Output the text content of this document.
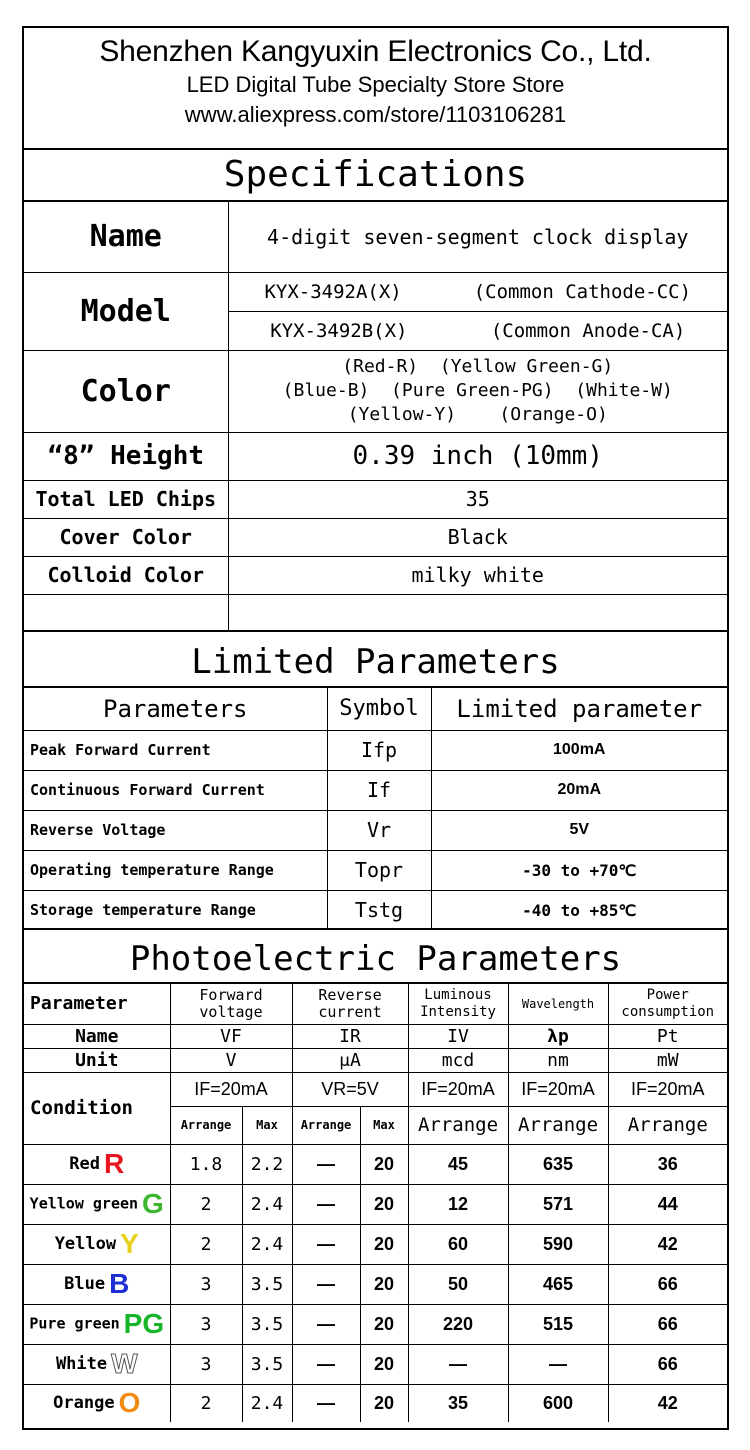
Shenzhen Kangyuxin Electronics Co., Ltd.
LED Digital Tube Specialty Store Store
www.aliexpress.com/store/1103106281
Specifications
Name	4-digit seven-segment clock display
Model	KYX-3492A(X) (Common Cathode-CC)
KYX-3492B(X) (Common Anode-CA)

Color	(Red-R)  (Yellow Green-G)
(Blue-B)  (Pure Green-PG)  (White-W)
(Yellow-Y)    (Orange-O)

“8” Height	0.39 inch (10mm)
Total LED Chips	35
Cover Color	Black
Colloid Color	milky white

Limited Parameters
Parameters	Symbol	Limited parameter
Peak Forward Current	Ifp	100mA
Continuous Forward Current	If	20mA
Reverse Voltage	Vr	5V
Operating temperature Range	Topr	-30 to +70℃
Storage temperature Range	Tstg	-40 to +85℃
Photoelectric Parameters
Parameter	Forward voltage		Reverse current		Luminous Intensity	Wavelength	Power consumption
Name	VF		IR		IV	λp	Pt
Unit	V		μA		mcd	nm	mW
Condition	IF=20mA		VR=5V		IF=20mA	IF=20mA	IF=20mA
	Arrange	Max	Arrange	Max	Arrange	Arrange	Arrange
Red R	1.8	2.2	—	20	45	635	36
Yellow green G	2	2.4	—	20	12	571	44
Yellow Y	2	2.4	—	20	60	590	42
Blue B	3	3.5	—	20	50	465	66
Pure green PG	3	3.5	—	20	220	515	66
White W	3	3.5	—	20	—	—	66
Orange O	2	2.4	—	20	35	600	42
